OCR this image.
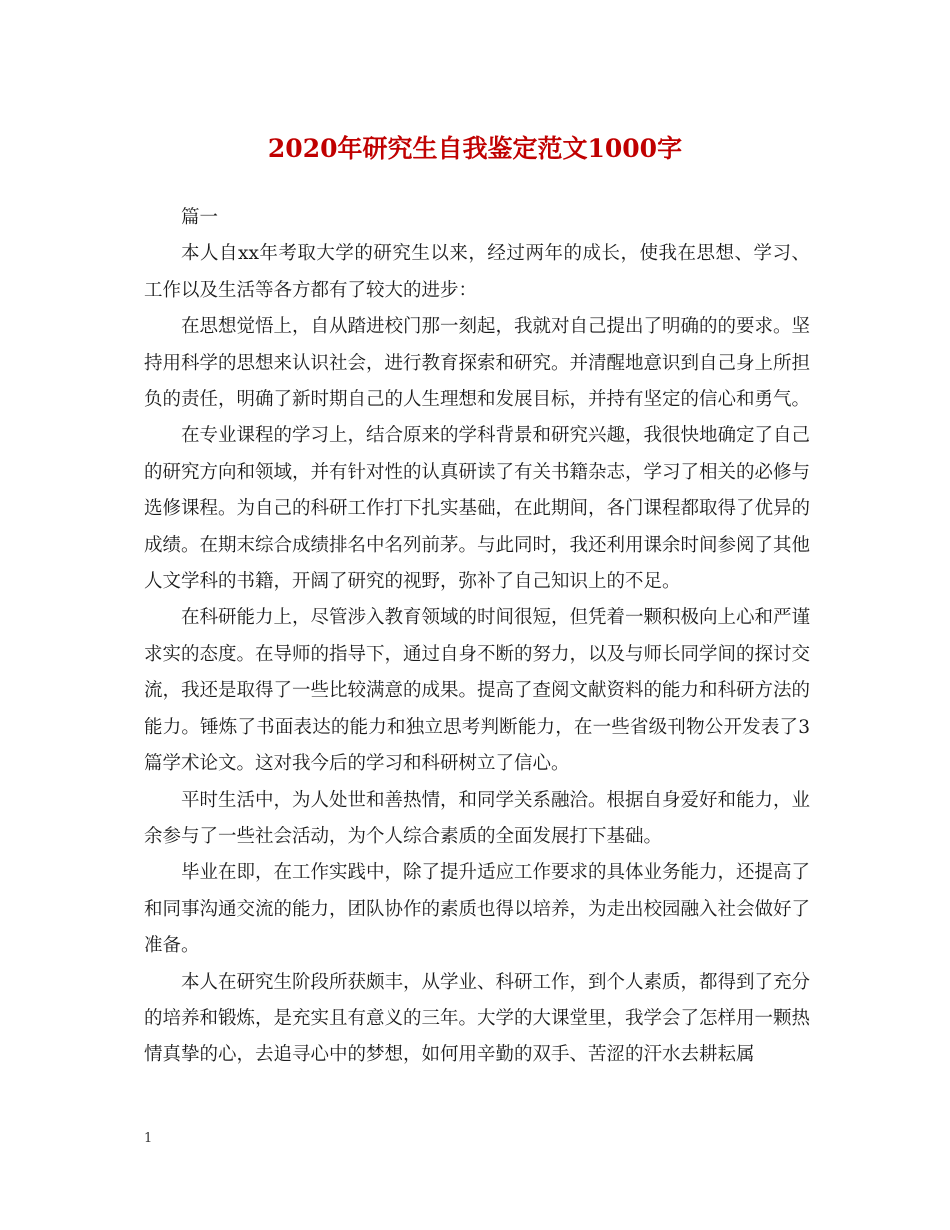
2020年研究生自我鉴定范文1000字

篇一

本人自xx年考取大学的研究生以来，经过两年的成长，使我在思想、学习、工作以及生活等各方都有了较大的进步：

在思想觉悟上，自从踏进校门那一刻起，我就对自己提出了明确的的要求。坚持用科学的思想来认识社会，进行教育探索和研究。并清醒地意识到自己身上所担负的责任，明确了新时期自己的人生理想和发展目标，并持有坚定的信心和勇气。

在专业课程的学习上，结合原来的学科背景和研究兴趣，我很快地确定了自己的研究方向和领域，并有针对性的认真研读了有关书籍杂志，学习了相关的必修与选修课程。为自己的科研工作打下扎实基础，在此期间，各门课程都取得了优异的成绩。在期末综合成绩排名中名列前茅。与此同时，我还利用课余时间参阅了其他人文学科的书籍，开阔了研究的视野，弥补了自己知识上的不足。

在科研能力上，尽管涉入教育领域的时间很短，但凭着一颗积极向上心和严谨求实的态度。在导师的指导下，通过自身不断的努力，以及与师长同学间的探讨交流，我还是取得了一些比较满意的成果。提高了查阅文献资料的能力和科研方法的能力。锤炼了书面表达的能力和独立思考判断能力，在一些省级刊物公开发表了3篇学术论文。这对我今后的学习和科研树立了信心。

平时生活中，为人处世和善热情，和同学关系融洽。根据自身爱好和能力，业余参与了一些社会活动，为个人综合素质的全面发展打下基础。

毕业在即，在工作实践中，除了提升适应工作要求的具体业务能力，还提高了和同事沟通交流的能力，团队协作的素质也得以培养，为走出校园融入社会做好了准备。

本人在研究生阶段所获颇丰，从学业、科研工作，到个人素质，都得到了充分的培养和锻炼，是充实且有意义的三年。大学的大课堂里，我学会了怎样用一颗热情真挚的心，去追寻心中的梦想，如何用辛勤的双手、苦涩的汗水去耕耘属

1
